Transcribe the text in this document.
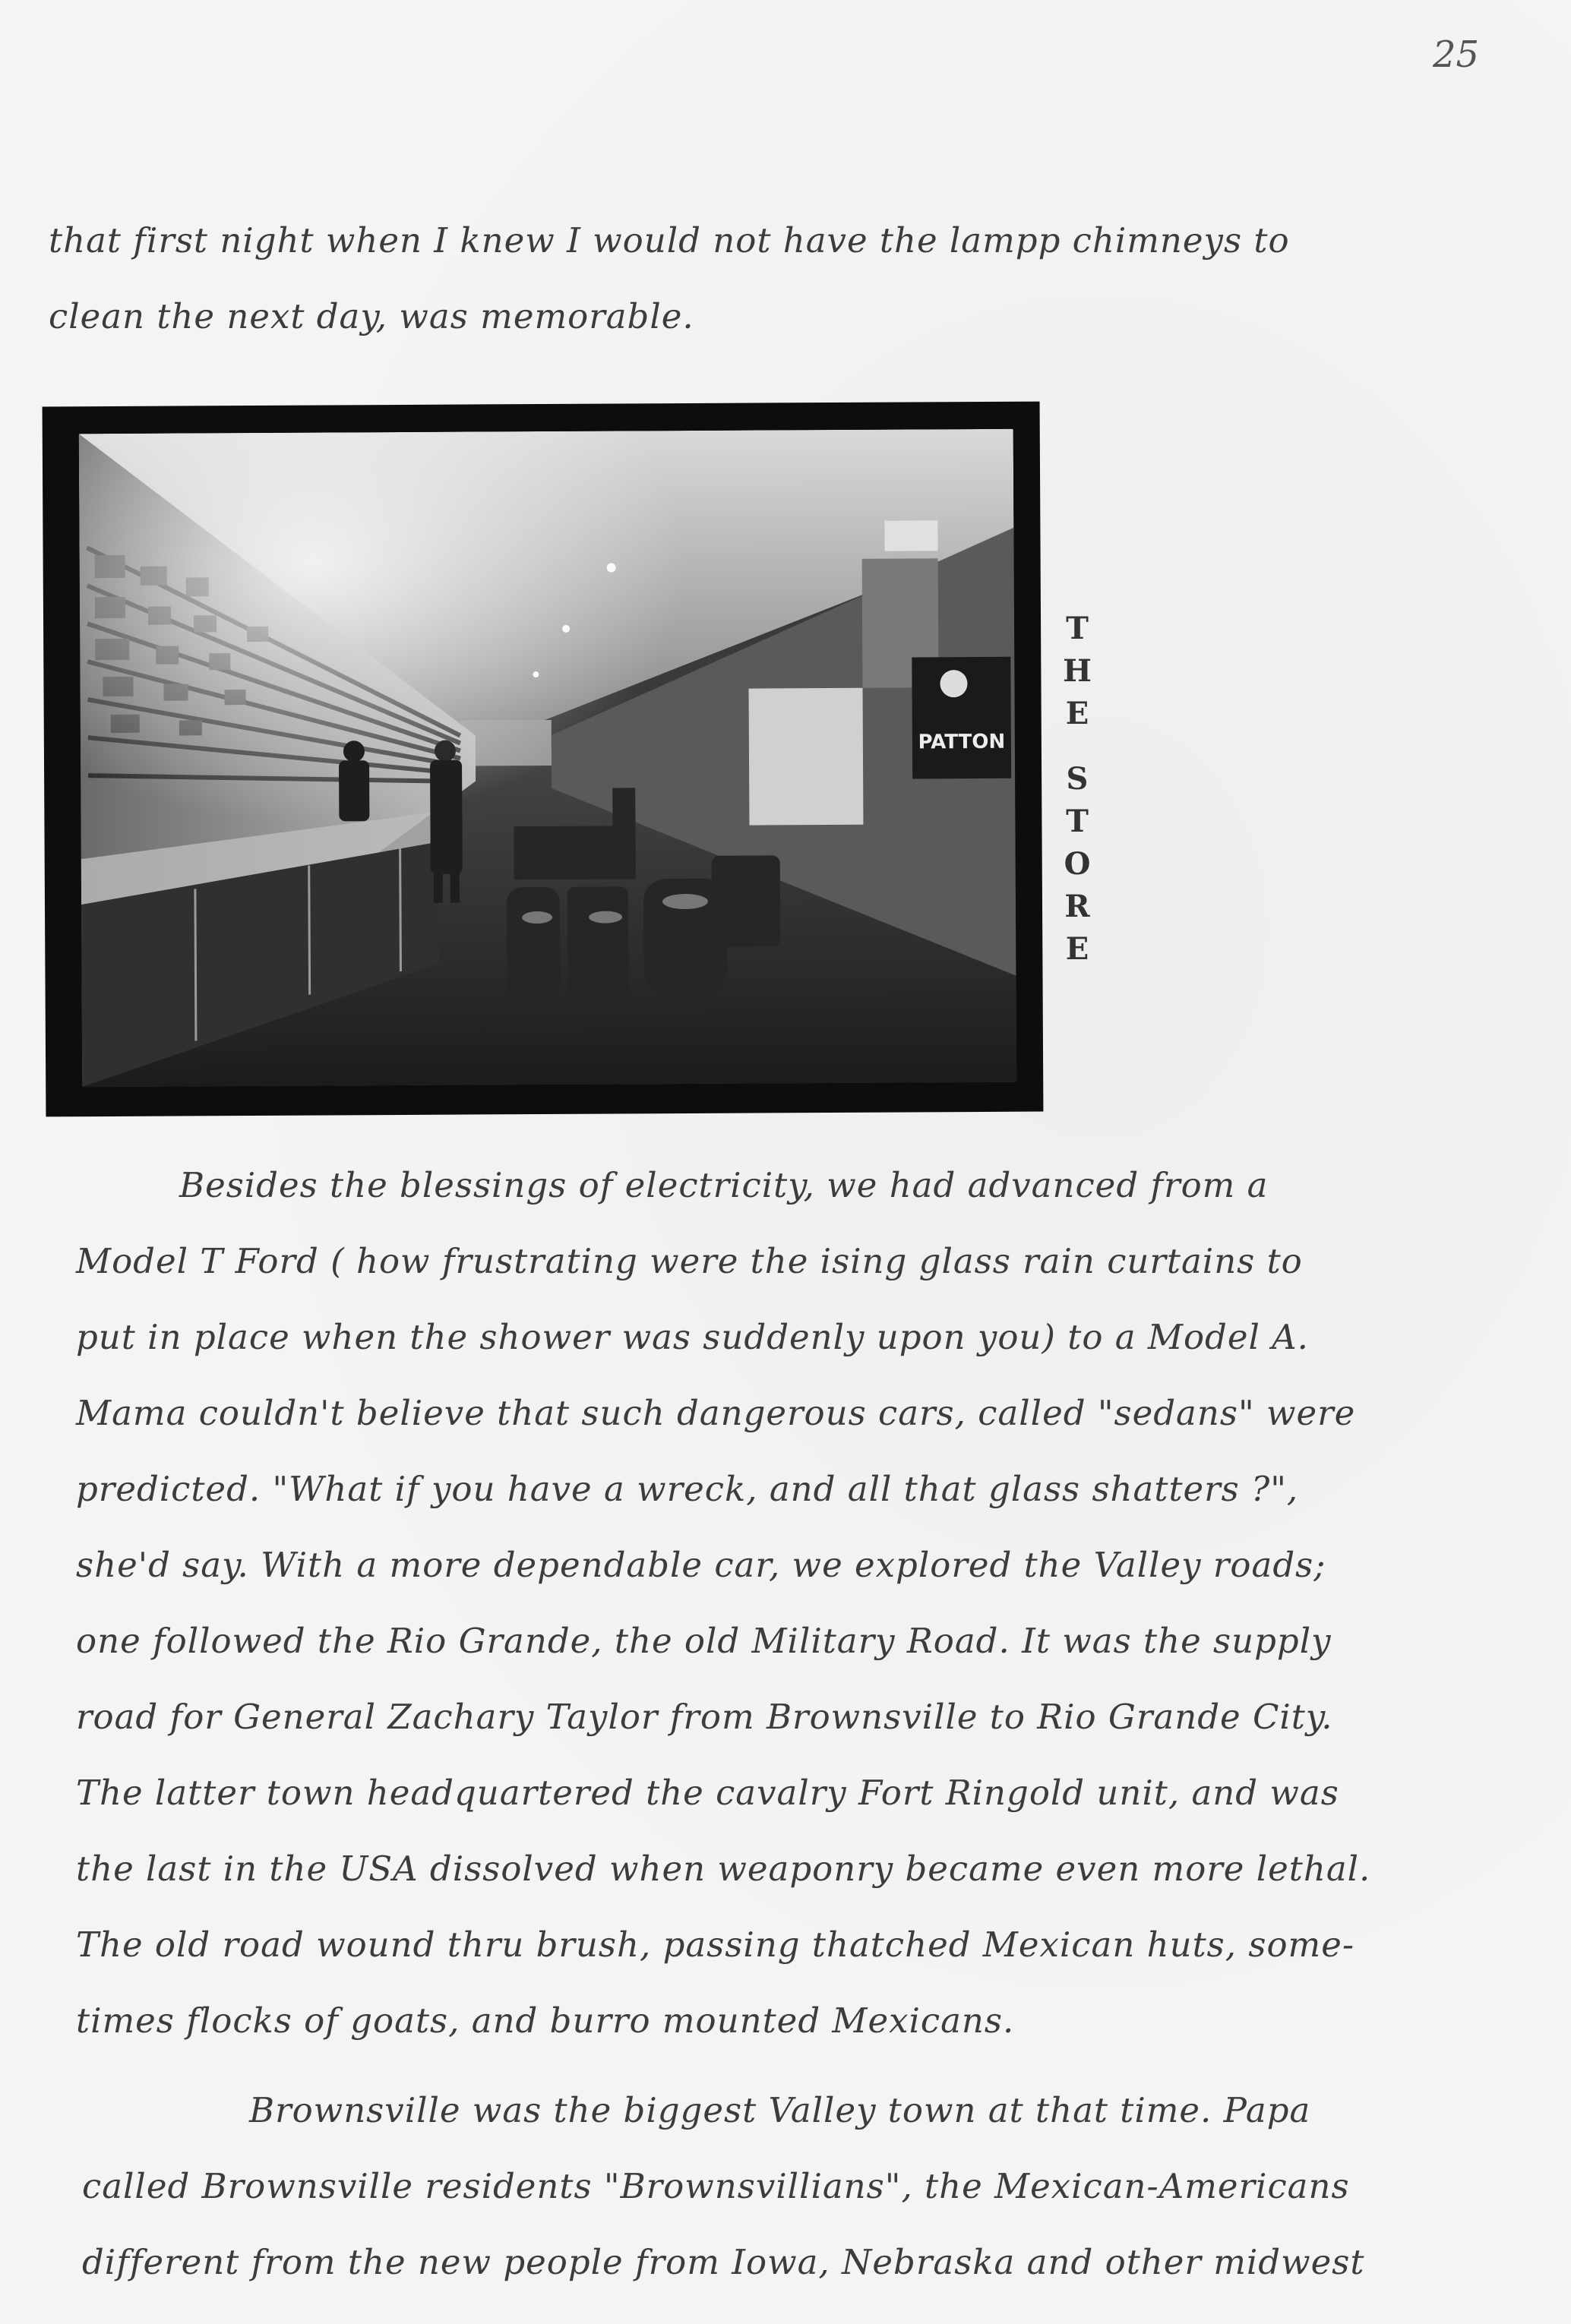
25
that first night when I knew I would not have the lampp chimneys to
clean the next day, was memorable.
PATTON
T
H
E
S
T
O
R
E
Besides the blessings of electricity, we had advanced from a
Model T Ford ( how frustrating were the ising glass rain curtains to
put in place when the shower was suddenly upon you) to a Model A.
Mama couldn't believe that such dangerous cars, called "sedans" were
predicted. "What if you have a wreck, and all that glass shatters ?",
she'd say. With a more dependable car, we explored the Valley roads;
one followed the Rio Grande, the old Military Road. It was the supply
road for General Zachary Taylor from Brownsville to Rio Grande City.
The latter town headquartered the cavalry Fort Ringold unit, and was
the last in the USA dissolved when weaponry became even more lethal.
The old road wound thru brush, passing thatched Mexican huts, some-
times flocks of goats, and burro mounted Mexicans.
Brownsville was the biggest Valley town at that time. Papa
called Brownsville residents "Brownsvillians", the Mexican-Americans
different from the new people from Iowa, Nebraska and other midwest
